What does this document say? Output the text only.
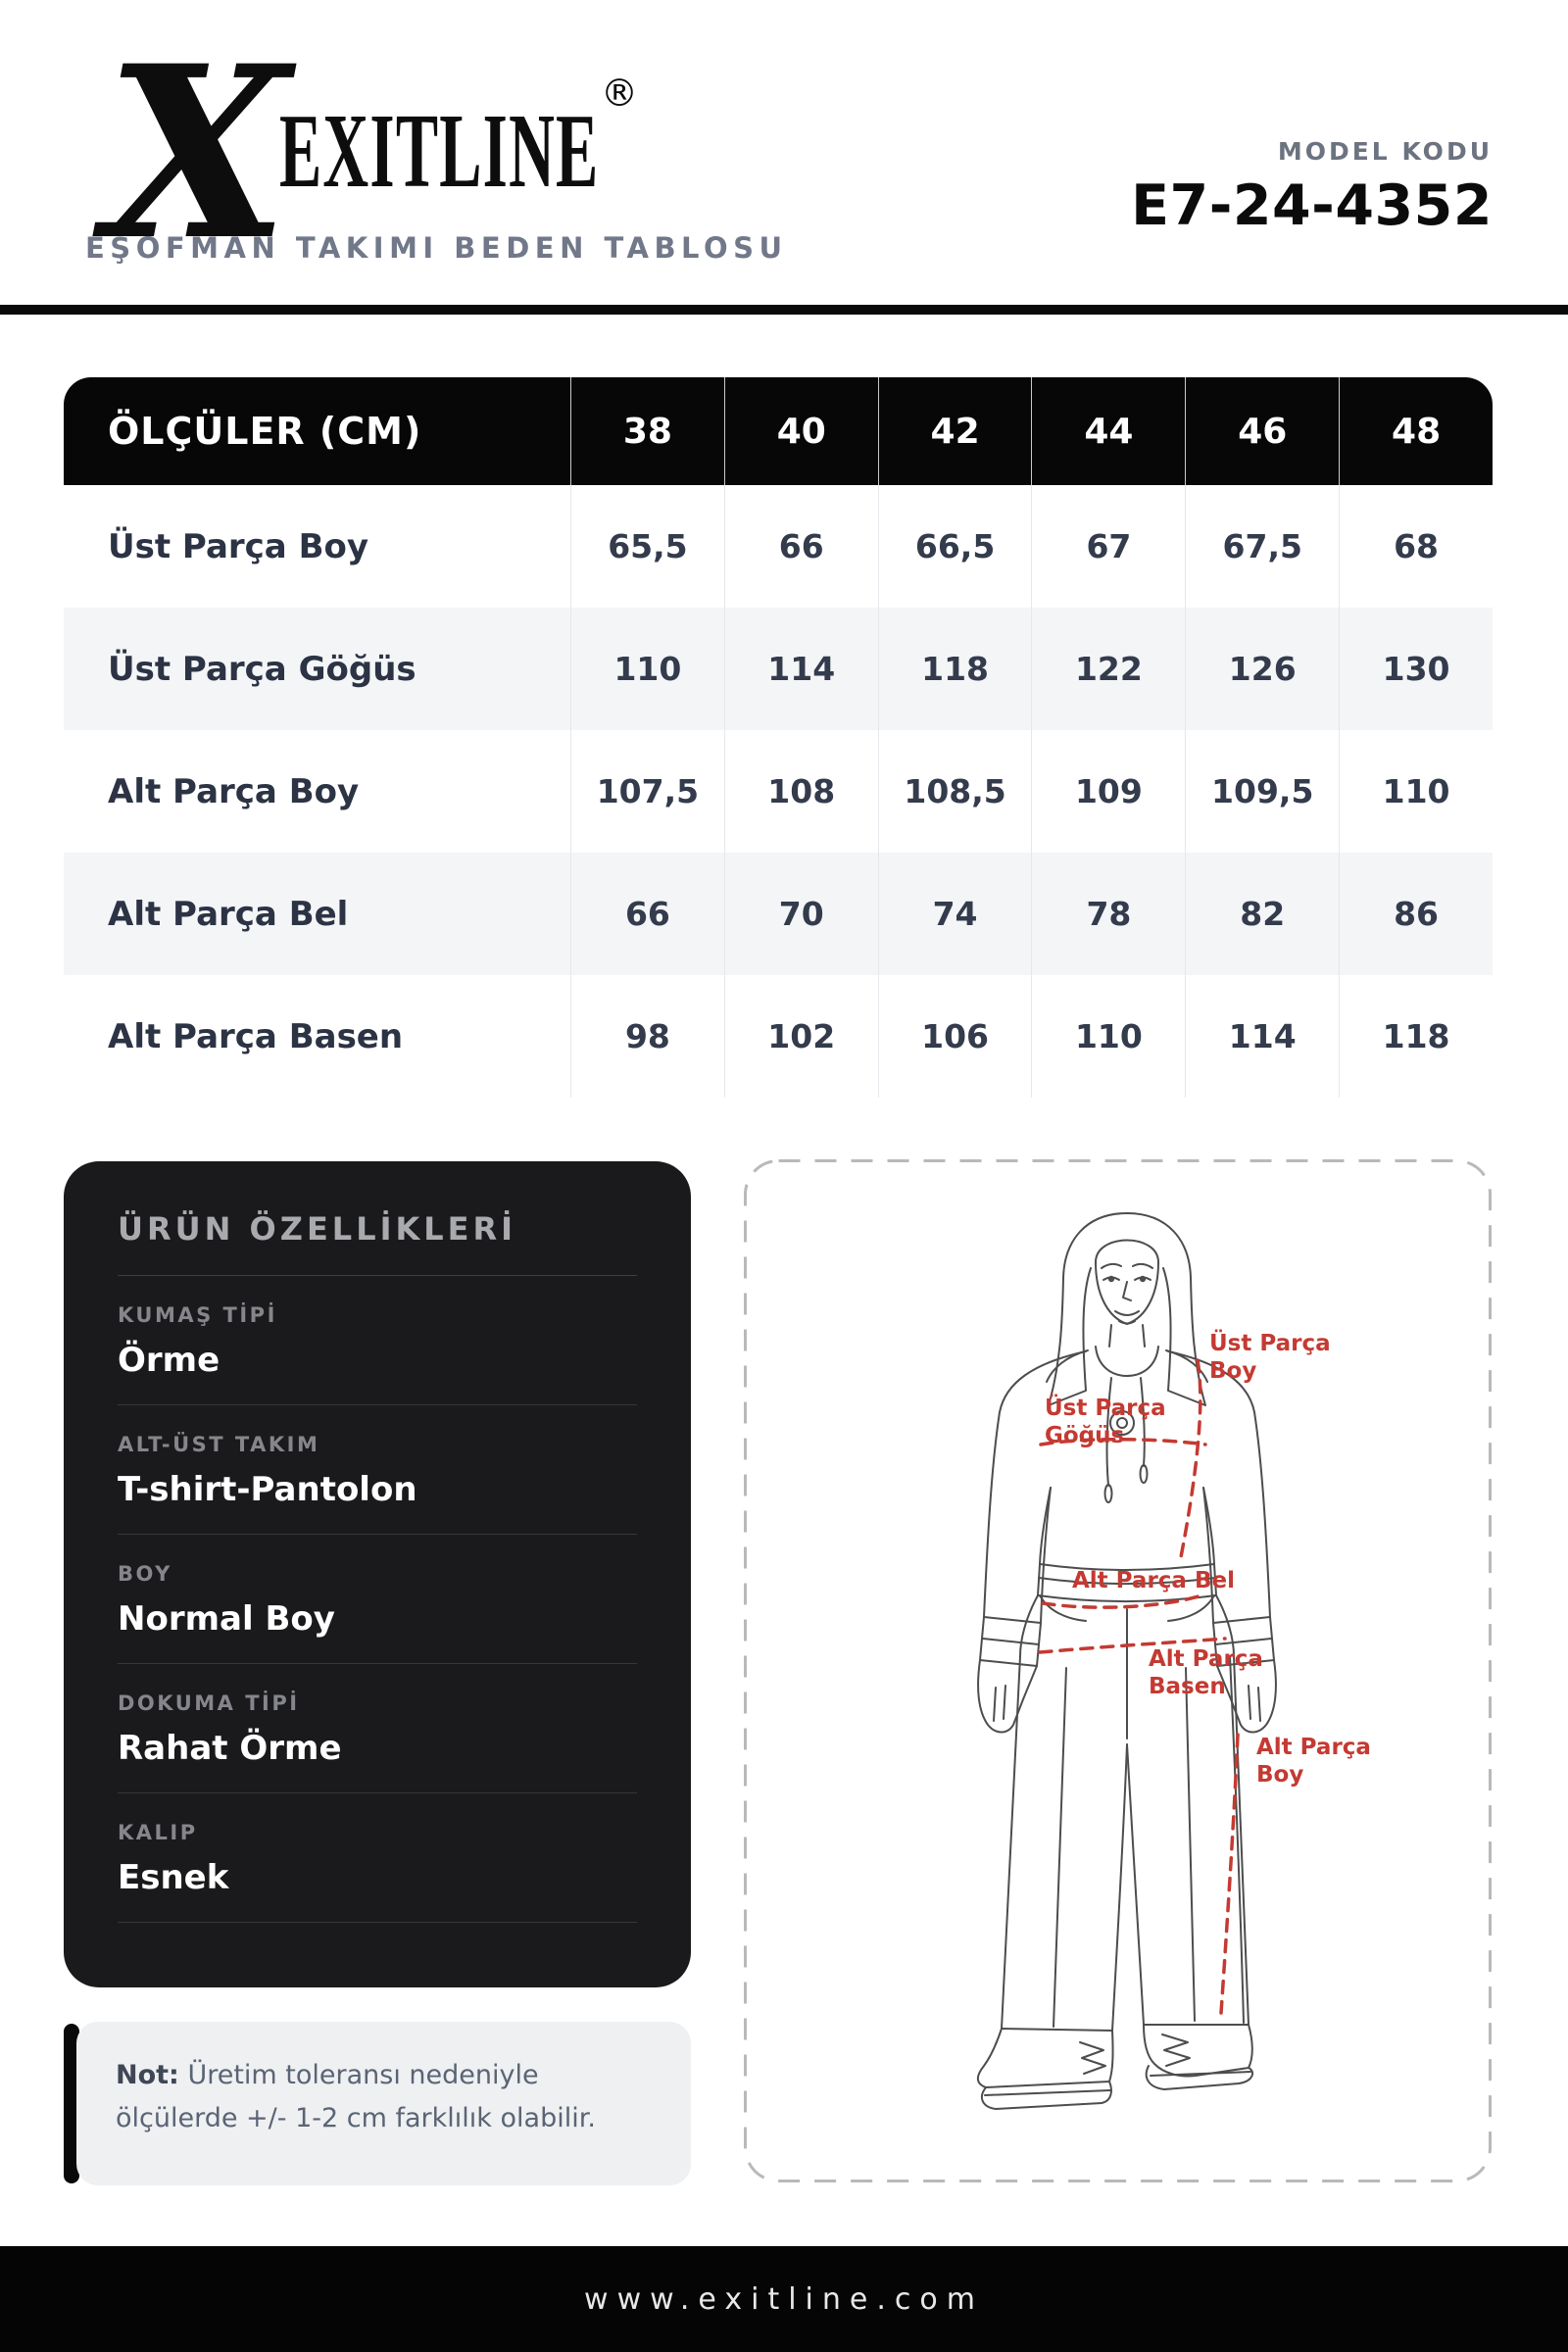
X
EXITLINE
®
EŞOFMAN TAKIMI BEDEN TABLOSU
MODEL KODU
E7-24-4352
ÖLÇÜLER (CM)	38	40	42	44	46	48
Üst Parça Boy	65,5	66	66,5	67	67,5	68
Üst Parça Göğüs	110	114	118	122	126	130
Alt Parça Boy	107,5	108	108,5	109	109,5	110
Alt Parça Bel	66	70	74	78	82	86
Alt Parça Basen	98	102	106	110	114	118
ÜRÜN ÖZELLİKLERİ
KUMAŞ TİPİ
Örme
ALT-ÜST TAKIM
T-shirt-Pantolon
BOY
Normal Boy
DOKUMA TİPİ
Rahat Örme
KALIP
Esnek
Not: Üretim toleransı nedeniyle ölçülerde +/- 1-2 cm farklılık olabilir.
Üst Parça Boy
Üst Parça Göğüs
Alt Parça Bel
Alt Parça Basen
Alt Parça Boy
www.exitline.com
